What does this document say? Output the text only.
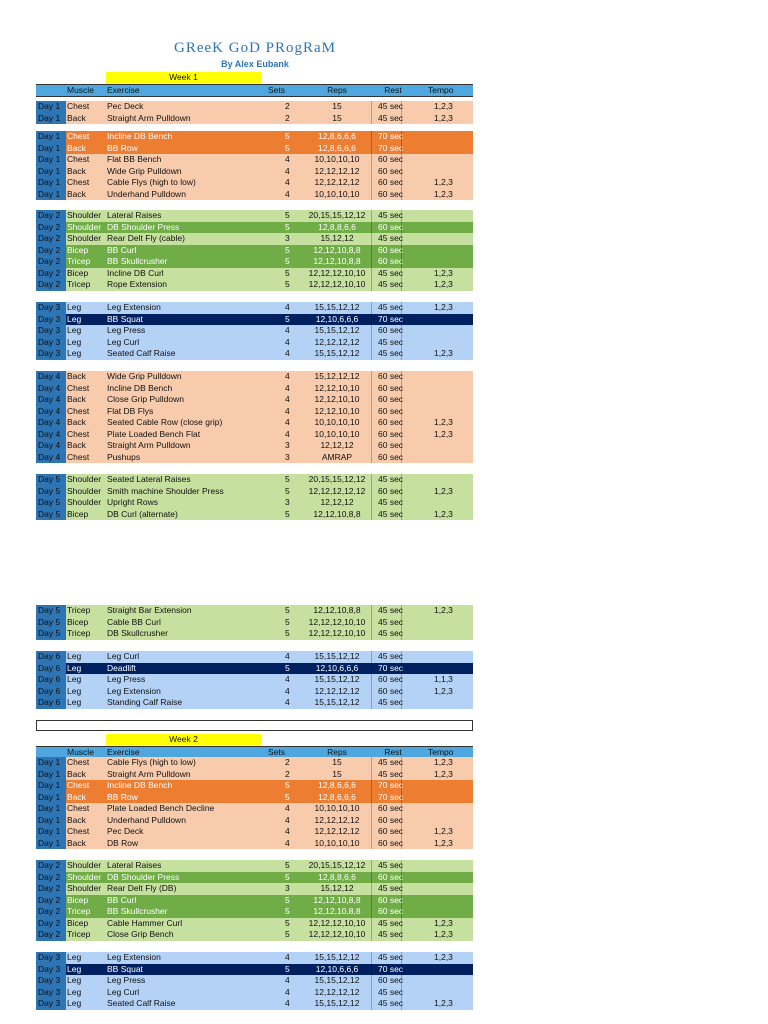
GReeK GoD PRogRaM
By Alex Eubank
Week 1
Muscle Exercise	Sets	Reps	Rest	Tempo
Week 2
Muscle Exercise	Sets	Reps	Rest	Tempo
Day 1 Chest Pec Deck	2	15	45 sec	1,2,3
Day 1 Back Straight Arm Pulldown	2	15	45 sec	1,2,3
Day 1 Chest Incline DB Bench	5	12,8,6,6,6	70 sec
Day 1 Back BB Row	5	12,8,6,6,6	70 sec
Day 1 Chest Flat BB Bench	4	10,10,10,10	60 sec
Day 1 Back Wide Grip Pulldown	4	12,12,12,12	60 sec
Day 1 Chest Cable Flys (high to low)	4	12,12,12,12	60 sec	1,2,3
Day 1 Back Underhand Pulldown	4	10,10,10,10	60 sec	1,2,3
Day 2 Shoulder Lateral Raises	5	20,15,15,12,12	45 sec
Day 2 Shoulder DB Shoulder Press	5	12,8,8,6,6	60 sec
Day 2 Shoulder Rear Delt Fly (cable)	3	15,12,12	45 sec
Day 2 Bicep BB Curl	5	12,12,10,8,8	60 sec
Day 2 Tricep BB Skullcrusher	5	12,12,10,8,8	60 sec
Day 2 Bicep Incline DB Curl	5	12,12,12,10,10	45 sec	1,2,3
Day 2 Tricep Rope Extension	5	12,12,12,10,10	45 sec	1,2,3
Day 3 Leg	Leg Extension	4	15,15,12,12	45 sec	1,2,3
Day 3 Leg	BB Squat	5	12,10,6,6,6	70 sec
Day 3 Leg	Leg Press	4	15,15,12,12	60 sec
Day 3 Leg	Leg Curl	4	12,12,12,12	45 sec
Day 3 Leg	Seated Calf Raise	4	15,15,12,12	45 sec	1,2,3
Day 4 Back Wide Grip Pulldown	4	15,12,12,12	60 sec
Day 4 Chest Incline DB Bench	4	12,12,10,10	60 sec
Day 4 Back Close Grip Pulldown	4	12,12,10,10	60 sec
Day 4 Chest Flat DB Flys	4	12,12,10,10	60 sec
Day 4 Back Seated Cable Row (close grip)	4	10,10,10,10	60 sec	1,2,3
Day 4 Chest Plate Loaded Bench Flat	4	10,10,10,10	60 sec	1,2,3
Day 4 Back Straight Arm Pulldown	3	12,12,12	60 sec
Day 4 Chest Pushups	3	AMRAP	60 sec
Day 5 Shoulder Seated Lateral Raises	5	20,15,15,12,12	45 sec
Day 5 Shoulder Smith machine Shoulder Press	5	12,12,12,12,12	60 sec	1,2,3
Day 5 Shoulder Upright Rows	3	12,12,12	45 sec
Day 5 Bicep DB Curl (alternate)	5	12,12,10,8,8	45 sec	1,2,3
Day 5 Tricep Straight Bar Extension	5	12,12,10,8,8	45 sec	1,2,3
Day 5 Bicep Cable BB Curl	5	12,12,12,10,10	45 sec
Day 5 Tricep DB Skullcrusher	5	12,12,12,10,10	45 sec
Day 6 Leg	Leg Curl	4	15,15,12,12	45 sec
Day 6 Leg	Deadlift	5	12,10,6,6,6	70 sec
Day 6 Leg	Leg Press	4	15,15,12,12	60 sec	1,1,3
Day 6 Leg	Leg Extension	4	12,12,12,12	60 sec	1,2,3
Day 6 Leg	Standing Calf Raise	4	15,15,12,12	45 sec
Day 1 Chest Cable Flys (high to low)	2	15	45 sec	1,2,3
Day 1 Back Straight Arm Pulldown	2	15	45 sec	1,2,3
Day 1 Chest Incline DB Bench	5	12,8,6,6,6	70 sec
Day 1 Back BB Row	5	12,8,6,6,6	70 sec
Day 1 Chest Plate Loaded Bench Decline	4	10,10,10,10	60 sec
Day 1 Back Underhand Pulldown	4	12,12,12,12	60 sec
Day 1 Chest Pec Deck	4	12,12,12,12	60 sec	1,2,3
Day 1 Back DB Row	4	10,10,10,10	60 sec	1,2,3
Day 2 Shoulder Lateral Raises	5	20,15,15,12,12	45 sec
Day 2 Shoulder DB Shoulder Press	5	12,8,8,6,6	60 sec
Day 2 Shoulder Rear Delt Fly (DB)	3	15,12,12	45 sec
Day 2 Bicep BB Curl	5	12,12,10,8,8	60 sec
Day 2 Tricep BB Skullcrusher	5	12,12,10,8,8	60 sec
Day 2 Bicep Cable Hammer Curl	5	12,12,12,10,10	45 sec	1,2,3
Day 2 Tricep Close Grip Bench	5	12,12,12,10,10	45 sec	1,2,3
Day 3 Leg	Leg Extension	4	15,15,12,12	45 sec	1,2,3
Day 3 Leg	BB Squat	5	12,10,6,6,6	70 sec
Day 3 Leg	Leg Press	4	15,15,12,12	60 sec
Day 3 Leg	Leg Curl	4	12,12,12,12	45 sec
Day 3 Leg	Seated Calf Raise	4	15,15,12,12	45 sec	1,2,3
